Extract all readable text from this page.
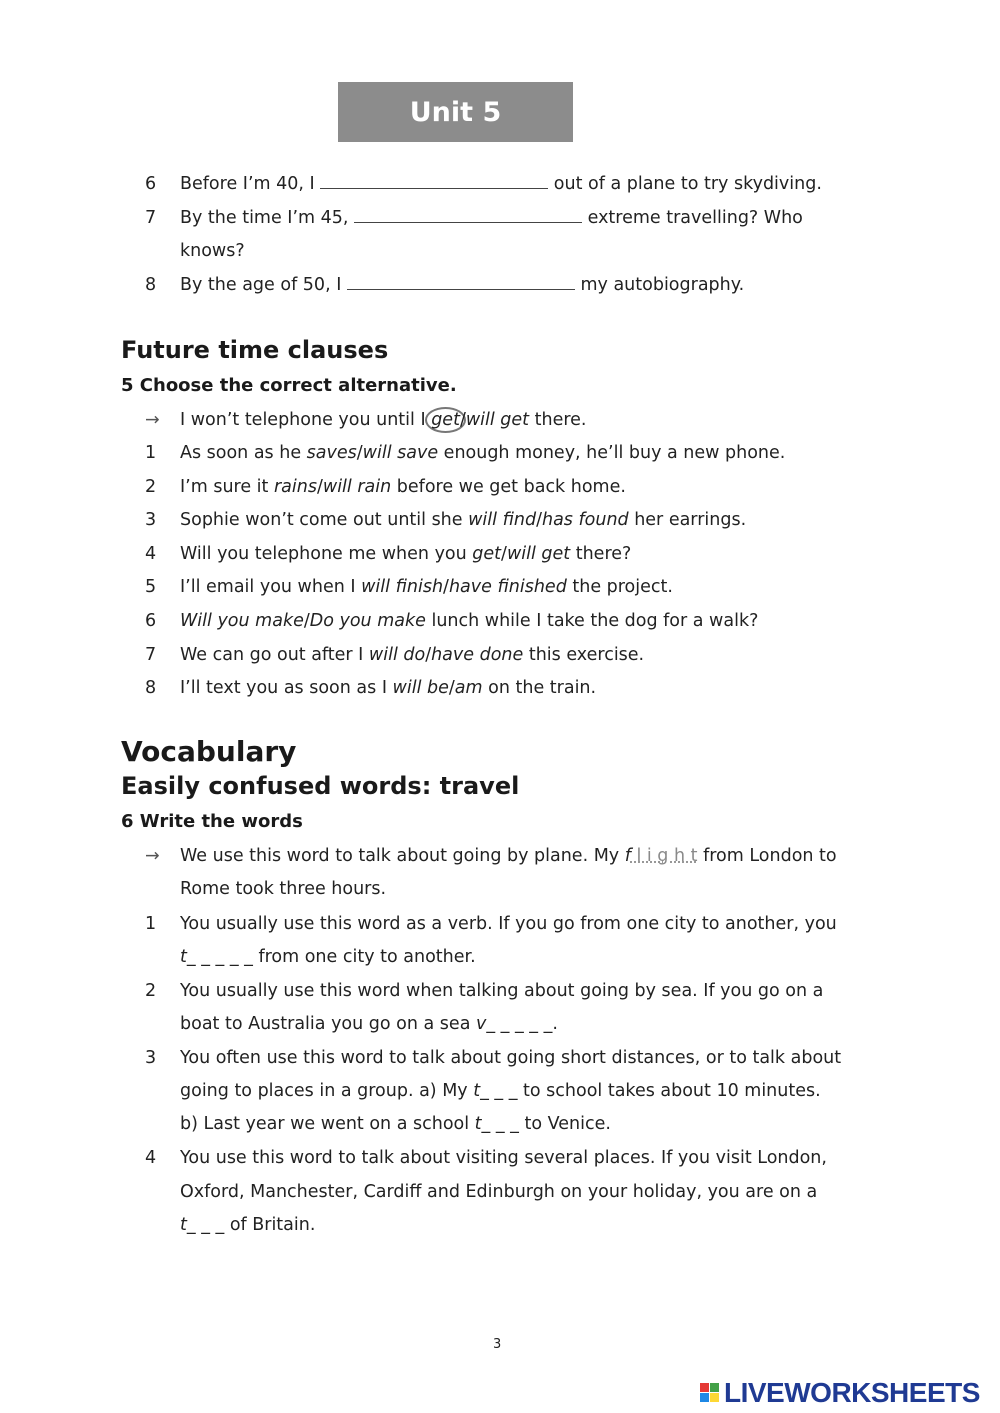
Unit 5
6	Before I’m 40, I	out of a plane to try skydiving.
7	By the time I’m 45,	extreme travelling? Who
knows?
8	By the age of 50, I	my autobiography.
Future time clauses
5 Choose the correct alternative.
→	I won’t telephone you until I get/will get there.
1	As soon as he saves/will save enough money, he’ll buy a new phone.
2	I’m sure it rains/will rain before we get back home.
3	Sophie won’t come out until she will find/has found her earrings.
4	Will you telephone me when you get/will get there?
5	I’ll email you when I will finish/have finished the project.
6	Will you make/Do you make lunch while I take the dog for a walk?
7	We can go out after I will do/have done this exercise.
8	I’ll text you as soon as I will be/am on the train.
Vocabulary
Easily confused words: travel
6 Write the words
→	We use this word to talk about going by plane. My f l i g h t from London to
Rome took three hours.
1	You usually use this word as a verb. If you go from one city to another, you
t_ _ _ _ _ from one city to another.
2	You usually use this word when talking about going by sea. If you go on a
boat to Australia you go on a sea v_ _ _ _ _.
3	You often use this word to talk about going short distances, or to talk about
going to places in a group. a) My t_ _ _ to school takes about 10 minutes.
b) Last year we went on a school t_ _ _ to Venice.
4	You use this word to talk about visiting several places. If you visit London,
Oxford, Manchester, Cardiff and Edinburgh on your holiday, you are on a
t_ _ _ of Britain.
3
LIVEWORKSHEETS
